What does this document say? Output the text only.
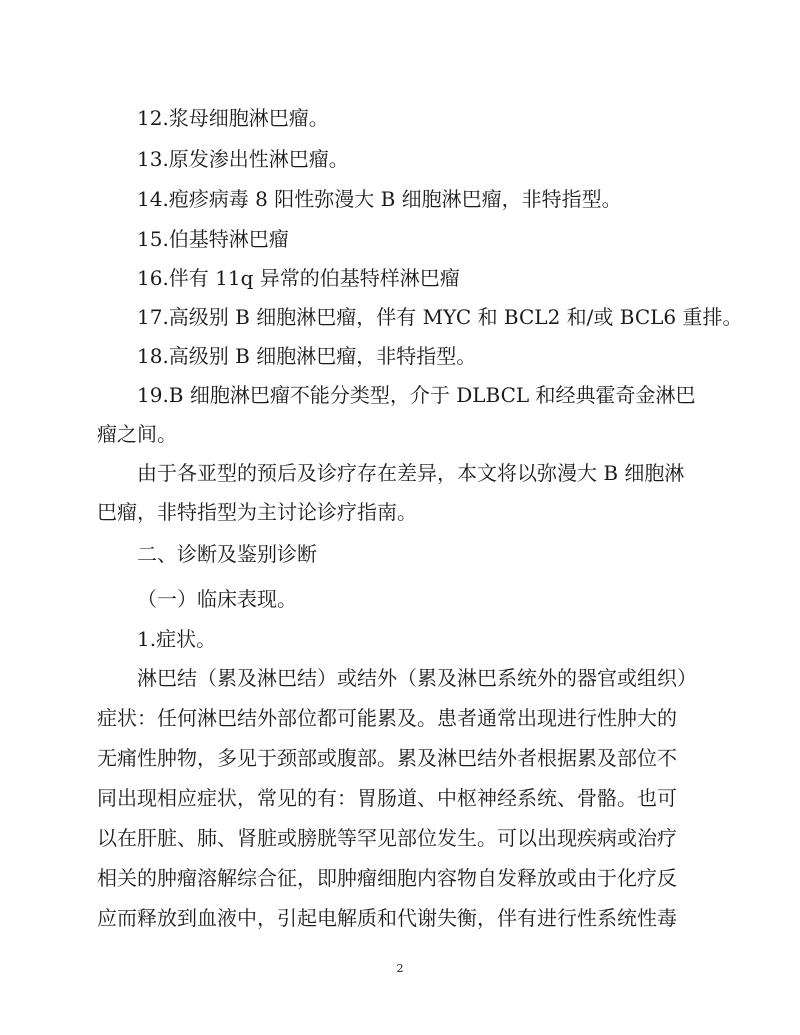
12.浆母细胞淋巴瘤。
13.原发渗出性淋巴瘤。
14.疱疹病毒 8 阳性弥漫大 B 细胞淋巴瘤，非特指型。
15.伯基特淋巴瘤
16.伴有 11q 异常的伯基特样淋巴瘤
17.高级别 B 细胞淋巴瘤，伴有 MYC 和 BCL2 和/或 BCL6 重排。
18.高级别 B 细胞淋巴瘤，非特指型。
19.B 细胞淋巴瘤不能分类型，介于 DLBCL 和经典霍奇金淋巴
瘤之间。
由于各亚型的预后及诊疗存在差异，本文将以弥漫大 B 细胞淋
巴瘤，非特指型为主讨论诊疗指南。
二、诊断及鉴别诊断
（一）临床表现。
1.症状。
淋巴结（累及淋巴结）或结外（累及淋巴系统外的器官或组织）
症状：任何淋巴结外部位都可能累及。患者通常出现进行性肿大的
无痛性肿物，多见于颈部或腹部。累及淋巴结外者根据累及部位不
同出现相应症状，常见的有：胃肠道、中枢神经系统、骨骼。也可
以在肝脏、肺、肾脏或膀胱等罕见部位发生。可以出现疾病或治疗
相关的肿瘤溶解综合征，即肿瘤细胞内容物自发释放或由于化疗反
应而释放到血液中，引起电解质和代谢失衡，伴有进行性系统性毒
2
